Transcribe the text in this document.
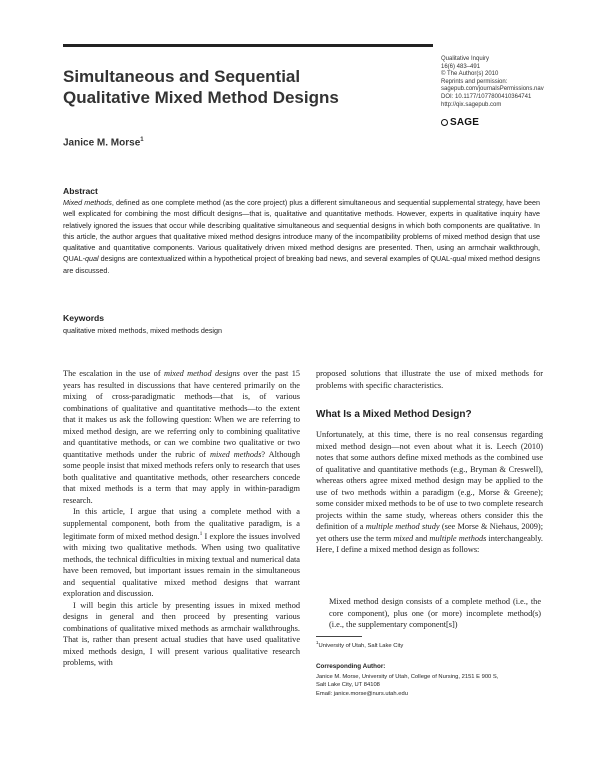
Qualitative Inquiry
16(6) 483–491
© The Author(s) 2010
Reprints and permission:
sagepub.com/journalsPermissions.nav
DOI: 10.1177/1077800410364741
http://qix.sagepub.com
SAGE
Simultaneous and Sequential
Qualitative Mixed Method Designs
Janice M. Morse$^1$
Abstract

Mixed methods, defined as one complete method (as the core project) plus a different simultaneous and sequential supplemental strategy, have been well explicated for combining the most difficult designs—that is, qualitative and quantitative methods. However, experts in qualitative inquiry have relatively ignored the issues that occur while describing qualitative simultaneous and sequential designs in which both components are qualitative. In this article, the author argues that qualitative mixed method designs introduce many of the incompatibility problems of mixed method design that use qualitative and quantitative components. Various qualitatively driven mixed method designs are presented. Then, using an armchair walkthrough, QUAL-qual designs are contextualized within a hypothetical project of breaking bad news, and several examples of QUAL-qual mixed method designs are discussed.

Keywords
qualitative mixed methods, mixed methods design

The escalation in the use of mixed method designs over the past 15 years has resulted in discussions that have centered primarily on the mixing of cross-paradigmatic methods—that is, of various combinations of qualitative and quantitative methods—to the extent that it makes us ask the following question: When we are referring to mixed method design, are we referring only to combining qualitative and quantitative methods, or can we combine two qualitative or two quantitative methods under the rubric of mixed methods? Although some people insist that mixed methods refers only to research that uses both qualitative and quantitative methods, other researchers concede that mixed methods is a term that may apply in within-paradigm research.

In this article, I argue that using a complete method with a supplemental component, both from the qualitative paradigm, is a legitimate form of mixed method design.$^1$ I explore the issues involved with mixing two qualitative methods. When using two qualitative methods, the technical difficulties in mixing textual and numerical data have been removed, but important issues remain in the simultaneous and sequential qualitative mixed method designs that warrant exploration and discussion.

I will begin this article by presenting issues in mixed method designs in general and then proceed by presenting various combinations of qualitative mixed methods as armchair walkthroughs. That is, rather than present actual studies that have used qualitative mixed methods design, I will present various qualitative research problems, with

proposed solutions that illustrate the use of mixed methods for problems with specific characteristics.

What Is a Mixed Method Design?

Unfortunately, at this time, there is no real consensus regarding mixed method design—not even about what it is. Leech (2010) notes that some authors define mixed methods as the combined use of qualitative and quantitative methods (e.g., Bryman & Creswell), whereas others agree mixed method design may be applied to the use of two methods within a paradigm (e.g., Morse & Greene); some consider mixed methods to be of use to two complete research projects within the same study, whereas others consider this the definition of a multiple method study (see Morse & Niehaus, 2009); yet others use the term mixed and multiple methods interchangeably. Here, I define a mixed method design as follows:

Mixed method design consists of a complete method (i.e., the core component), plus one (or more) incomplete method(s) (i.e., the supplementary component[s])

$^1$University of Utah, Salt Lake City
Corresponding Author:
Janice M. Morse, University of Utah, College of Nursing, 2151 E 900 S,
Salt Lake City, UT 84108
Email: janice.morse@nurs.utah.edu
